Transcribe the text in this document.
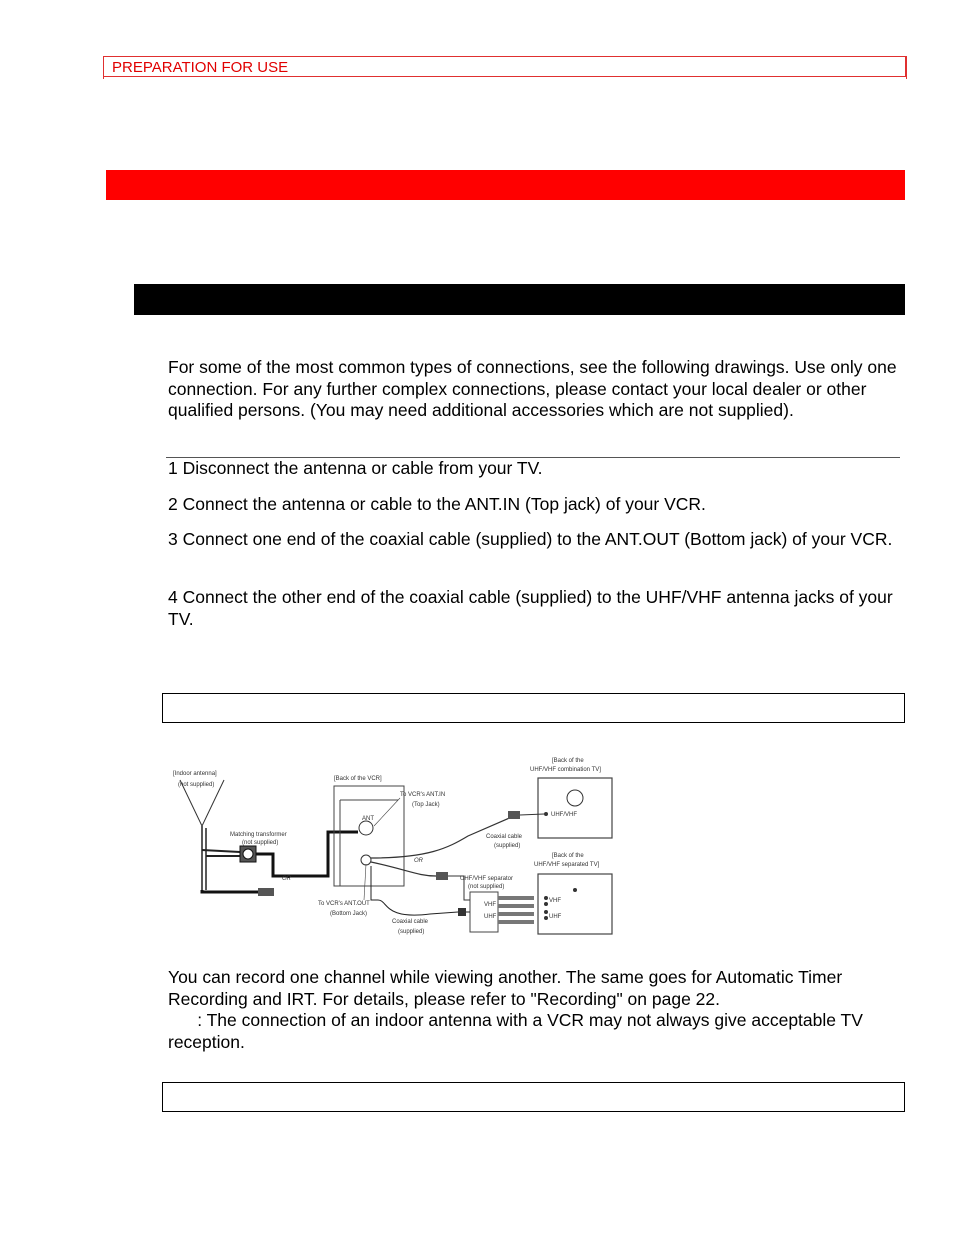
PREPARATION FOR USE
For some of the most common types of connections, see the following drawings. Use only one connection. For any further complex connections, please contact your local dealer or other qualified persons. (You may need additional accessories which are not supplied).
1 Disconnect the antenna or cable from your TV.
2 Connect the antenna or cable to the ANT.IN (Top jack) of your VCR.
3 Connect one end of the coaxial cable (supplied) to the ANT.OUT (Bottom jack) of your VCR.
4 Connect the other end of the coaxial cable (supplied) to the UHF/VHF antenna jacks of your TV.
[Indoor antenna]
(not supplied)
Matching transformer
(not supplied)
OR
[Back of the VCR]
ANT
To VCR's ANT.IN
(Top Jack)
Coaxial cable
(supplied)
OR
[Back of the
UHF/VHF combination TV]
UHF/VHF
[Back of the
UHF/VHF separated TV]
VHF
UHF
UHF/VHF separator
(not supplied)
VHF
UHF
To VCR's ANT.OUT
(Bottom Jack)
Coaxial cable
(supplied)
You can record one channel while viewing another. The same goes for Automatic Timer Recording and IRT. For details, please refer to "Recording" on page 22.
: The connection of an indoor antenna with a VCR may not always give acceptable TV reception.
